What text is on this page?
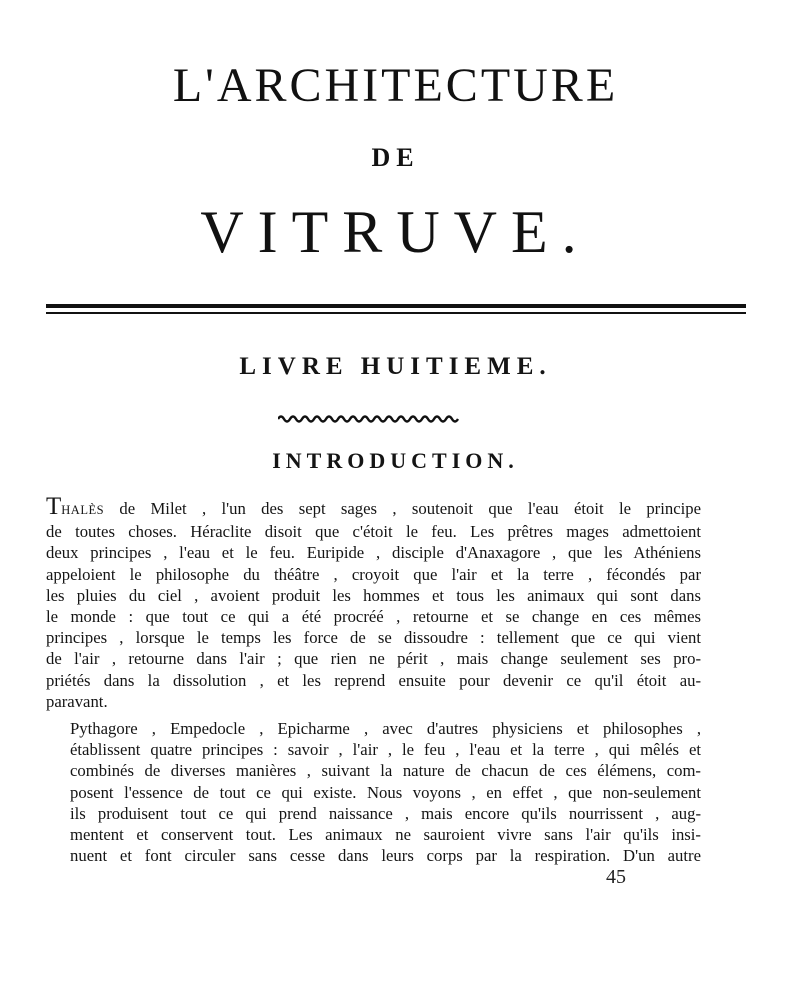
L'ARCHITECTURE
DE
VITRUVE.
LIVRE HUITIEME.
INTRODUCTION.
THALÈS de Milet , l'un des sept sages , soutenoit que l'eau étoit le principe
de toutes choses. Héraclite disoit que c'étoit le feu. Les prêtres mages admettoient
deux principes , l'eau et le feu. Euripide , disciple d'Anaxagore , que les Athéniens
appeloient le philosophe du théâtre , croyoit que l'air et la terre , fécondés par
les pluies du ciel , avoient produit les hommes et tous les animaux qui sont dans
le monde : que tout ce qui a été procréé , retourne et se change en ces mêmes
principes , lorsque le temps les force de se dissoudre : tellement que ce qui vient
de l'air , retourne dans l'air ; que rien ne périt , mais change seulement ses pro-
priétés dans la dissolution , et les reprend ensuite pour devenir ce qu'il étoit au-
paravant.
Pythagore , Empedocle , Epicharme , avec d'autres physiciens et philosophes ,
établissent quatre principes : savoir , l'air , le feu , l'eau et la terre , qui mêlés et
combinés de diverses manières , suivant la nature de chacun de ces élémens, com-
posent l'essence de tout ce qui existe. Nous voyons , en effet , que non-seulement
ils produisent tout ce qui prend naissance , mais encore qu'ils nourrissent , aug-
mentent et conservent tout. Les animaux ne sauroient vivre sans l'air qu'ils insi-
nuent et font circuler sans cesse dans leurs corps par la respiration. D'un autre
45
